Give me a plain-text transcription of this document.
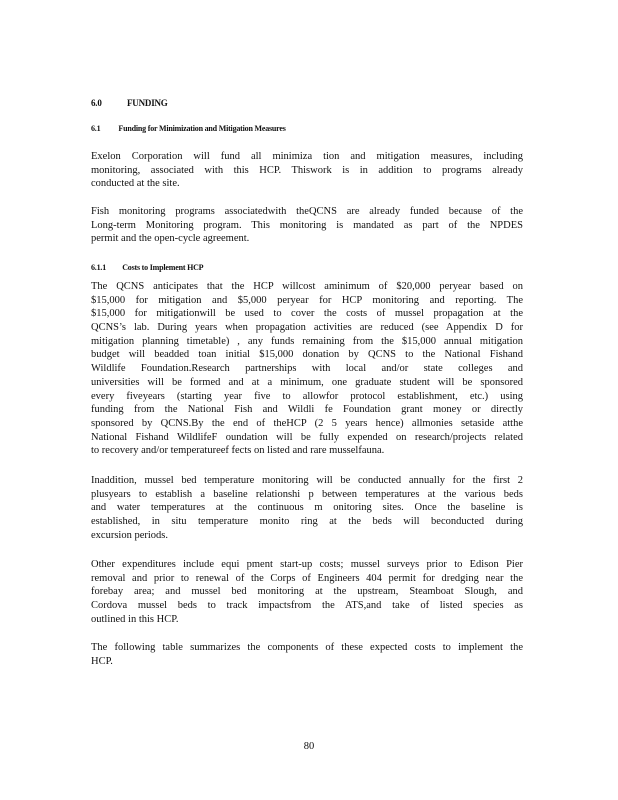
6.0	FUNDING
6.1 Funding for Minimization and Mitigation Measures
Exelon Corporation will fund all minimiza tion and mitigation measures, including
monitoring, associated with this HCP. Thiswork is in addition to programs already
conducted at the site.
Fish monitoring programs associatedwith theQCNS are already funded because of the
Long-term Monitoring program. This monitoring is mandated as part of the NPDES
permit and the open-cycle agreement.
6.1.1 Costs to Implement HCP
The QCNS anticipates that the HCP willcost aminimum of $20,000 peryear based on
$15,000 for mitigation and $5,000 peryear for HCP monitoring and reporting. The
$15,000 for mitigationwill be used to cover the costs of mussel propagation at the
QCNS’s lab. During years when propagation activities are reduced (see Appendix D for
mitigation planning timetable) , any funds remaining from the $15,000 annual mitigation
budget will beadded toan initial $15,000 donation by QCNS to the National Fishand
Wildlife Foundation.Research partnerships with local and/or state colleges and
universities will be formed and at a minimum, one graduate student will be sponsored
every fiveyears (starting year five to allowfor protocol establishment, etc.) using
funding from the National Fish and Wildli fe Foundation grant money or directly
sponsored by QCNS.By the end of theHCP (2 5 years hence) allmonies setaside atthe
National Fishand WildlifeF oundation will be fully expended on research/projects related
to recovery and/or temperatureef fects on listed and rare musselfauna.
Inaddition, mussel bed temperature monitoring will be conducted annually for the first 2
plusyears to establish a baseline relationshi p between temperatures at the various beds
and water temperatures at the continuous m onitoring sites. Once the baseline is
established, in situ temperature monito ring at the beds will beconducted during
excursion periods.
Other expenditures include equi pment start-up costs; mussel surveys prior to Edison Pier
removal and prior to renewal of the Corps of Engineers 404 permit for dredging near the
forebay area; and mussel bed monitoring at the upstream, Steamboat Slough, and
Cordova mussel beds to track impactsfrom the ATS,and take of listed species as
outlined in this HCP.
The following table summarizes the components of these expected costs to implement the
HCP.
80
